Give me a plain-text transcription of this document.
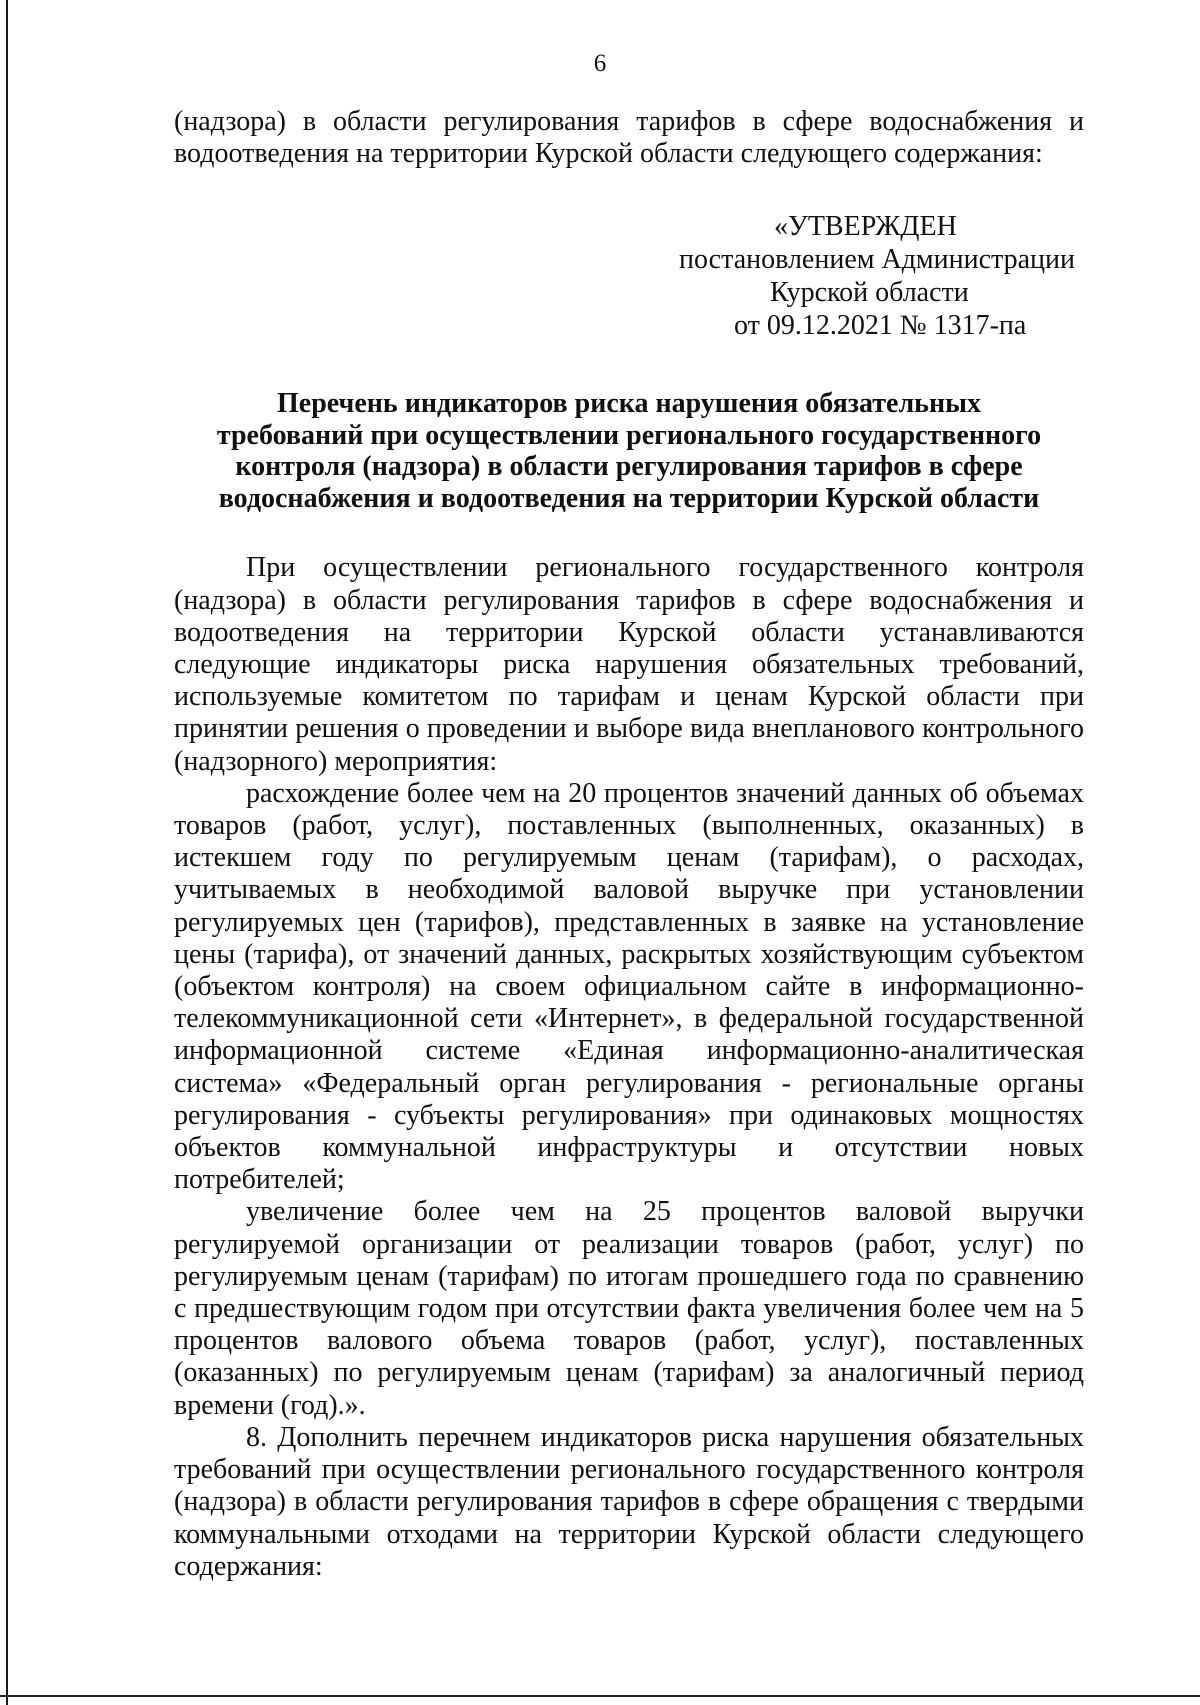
6

(надзора) в области регулирования тарифов в сфере водоснабжения и водоотведения на территории Курской области следующего содержания:

«УТВЕРЖДЕН
постановлением Администрации
Курской области
от 09.12.2021 № 1317-па
Перечень индикаторов риска нарушения обязательных
требований при осуществлении регионального государственного
контроля (надзора) в области регулирования тарифов в сфере
водоснабжения и водоотведения на территории Курской области

При осуществлении регионального государственного контроля (надзора) в области регулирования тарифов в сфере водоснабжения и водоотведения на территории Курской области устанавливаются следующие индикаторы риска нарушения обязательных требований, используемые комитетом по тарифам и ценам Курской области при принятии решения о проведении и выборе вида внепланового контрольного (надзорного) мероприятия:

расхождение более чем на 20 процентов значений данных об объемах товаров (работ, услуг), поставленных (выполненных, оказанных) в истекшем году по регулируемым ценам (тарифам), о расходах, учитываемых в необходимой валовой выручке при установлении регулируемых цен (тарифов), представленных в заявке на установление цены (тарифа), от значений данных, раскрытых хозяйствующим субъектом (объектом контроля) на своем официальном сайте в информационно-телекоммуникационной сети «Интернет», в федеральной государственной информационной системе «Единая информационно-аналитическая система» «Федеральный орган регулирования - региональные органы регулирования - субъекты регулирования» при одинаковых мощностях объектов коммунальной инфраструктуры и отсутствии новых потребителей;

увеличение более чем на 25 процентов валовой выручки регулируемой организации от реализации товаров (работ, услуг) по регулируемым ценам (тарифам) по итогам прошедшего года по сравнению с предшествующим годом при отсутствии факта увеличения более чем на 5 процентов валового объема товаров (работ, услуг), поставленных (оказанных) по регулируемым ценам (тарифам) за аналогичный период времени (год).».

8. Дополнить перечнем индикаторов риска нарушения обязательных требований при осуществлении регионального государственного контроля (надзора) в области регулирования тарифов в сфере обращения с твердыми коммунальными отходами на территории Курской области следующего содержания:
